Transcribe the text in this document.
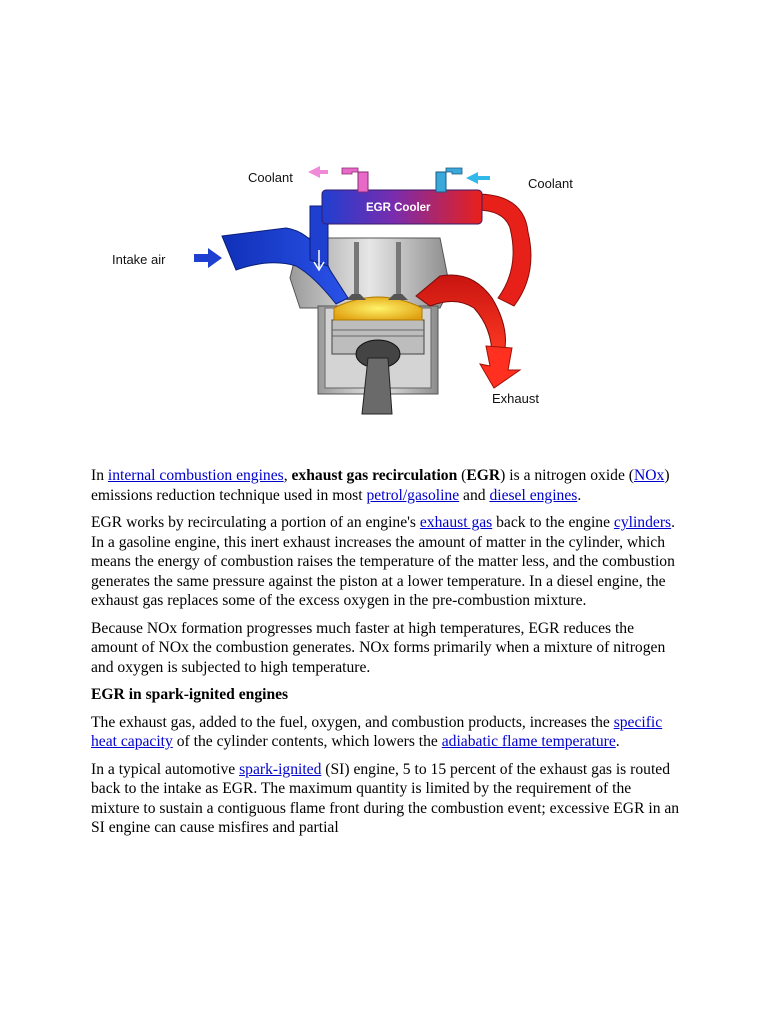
EGR Cooler
Coolant	Coolant
Intake air
Exhaust

In internal combustion engines, exhaust gas recirculation (EGR) is a nitrogen oxide (NOx) emissions reduction technique used in most petrol/gasoline and diesel engines.

EGR works by recirculating a portion of an engine's exhaust gas back to the engine cylinders. In a gasoline engine, this inert exhaust increases the amount of matter in the cylinder, which means the energy of combustion raises the temperature of the matter less, and the combustion generates the same pressure against the piston at a lower temperature. In a diesel engine, the exhaust gas replaces some of the excess oxygen in the pre-combustion mixture.

Because NOx formation progresses much faster at high temperatures, EGR reduces the amount of NOx the combustion generates. NOx forms primarily when a mixture of nitrogen and oxygen is subjected to high temperature.

EGR in spark-ignited engines

The exhaust gas, added to the fuel, oxygen, and combustion products, increases the specific heat capacity of the cylinder contents, which lowers the adiabatic flame temperature.

In a typical automotive spark-ignited (SI) engine, 5 to 15 percent of the exhaust gas is routed back to the intake as EGR. The maximum quantity is limited by the requirement of the mixture to sustain a contiguous flame front during the combustion event; excessive EGR in an SI engine can cause misfires and partial
